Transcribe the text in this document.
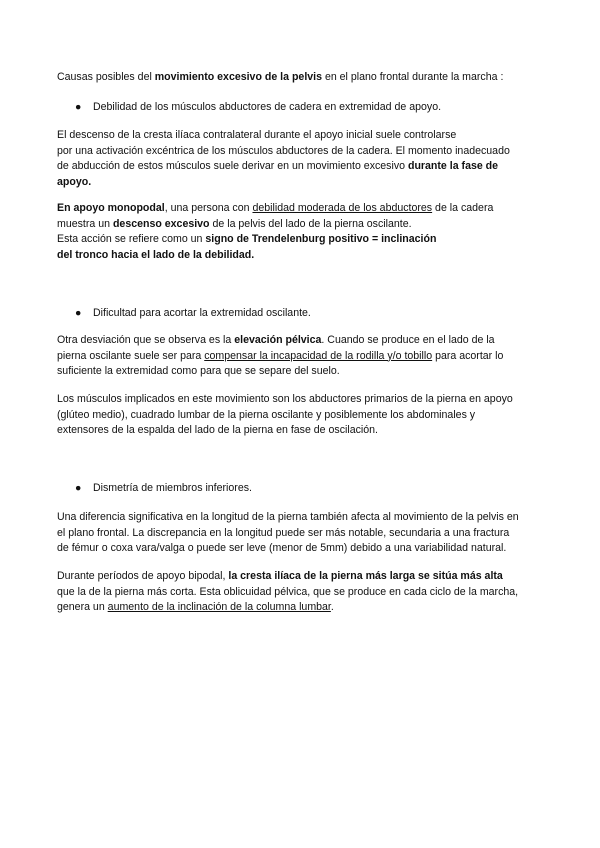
Causas posibles del movimiento excesivo de la pelvis en el plano frontal durante la marcha :

● Debilidad de los músculos abductores de cadera en extremidad de apoyo.

El descenso de la cresta ilíaca contralateral durante el apoyo inicial suele controlarse
por una activación excéntrica de los músculos abductores de la cadera. El momento inadecuado
de abducción de estos músculos suele derivar en un movimiento excesivo durante la fase de
apoyo.

En apoyo monopodal, una persona con debilidad moderada de los abductores de la cadera
muestra un descenso excesivo de la pelvis del lado de la pierna oscilante.
Esta acción se refiere como un signo de Trendelenburg positivo = inclinación
del tronco hacia el lado de la debilidad.

● Dificultad para acortar la extremidad oscilante.

Otra desviación que se observa es la elevación pélvica. Cuando se produce en el lado de la
pierna oscilante suele ser para compensar la incapacidad de la rodilla y/o tobillo para acortar lo
suficiente la extremidad como para que se separe del suelo.

Los músculos implicados en este movimiento son los abductores primarios de la pierna en apoyo
(glúteo medio), cuadrado lumbar de la pierna oscilante y posiblemente los abdominales y
extensores de la espalda del lado de la pierna en fase de oscilación.

● Dismetría de miembros inferiores.

Una diferencia significativa en la longitud de la pierna también afecta al movimiento de la pelvis en
el plano frontal. La discrepancia en la longitud puede ser más notable, secundaria a una fractura
de fémur o coxa vara/valga o puede ser leve (menor de 5mm) debido a una variabilidad natural.

Durante períodos de apoyo bipodal, la cresta ilíaca de la pierna más larga se sitúa más alta
que la de la pierna más corta. Esta oblicuidad pélvica, que se produce en cada ciclo de la marcha,
genera un aumento de la inclinación de la columna lumbar.
